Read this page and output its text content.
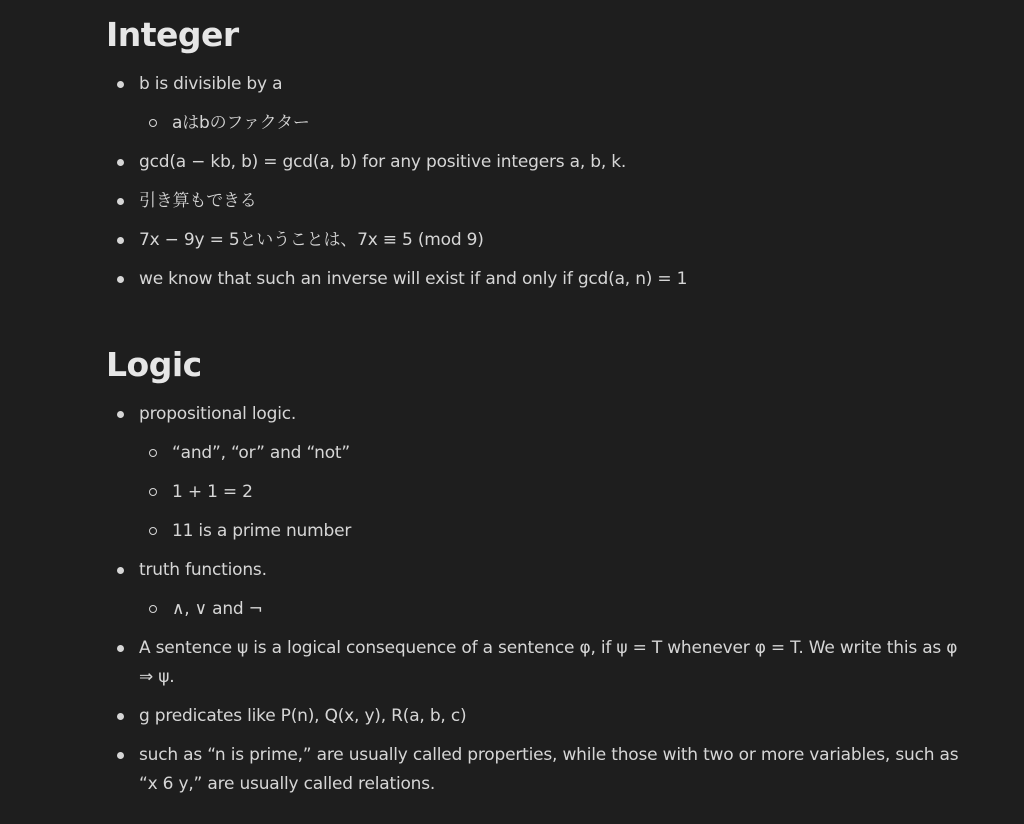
Integer
b is divisible by a
aはbのファクター
gcd(a − kb, b) = gcd(a, b) for any positive integers a, b, k.
引き算もできる
7x − 9y = 5ということは、7x ≡ 5 (mod 9)
we know that such an inverse will exist if and only if gcd(a, n) = 1
Logic
propositional logic.
“and”, “or” and “not”
1 + 1 = 2
11 is a prime number
truth functions.
∧, ∨ and ¬
A sentence ψ is a logical consequence of a sentence φ, if ψ = T whenever φ = T. We write this as φ ⇒ ψ.
g predicates like P(n), Q(x, y), R(a, b, c)
such as “n is prime,” are usually called properties, while those with two or more variables, such as “x 6 y,” are usually called relations.
